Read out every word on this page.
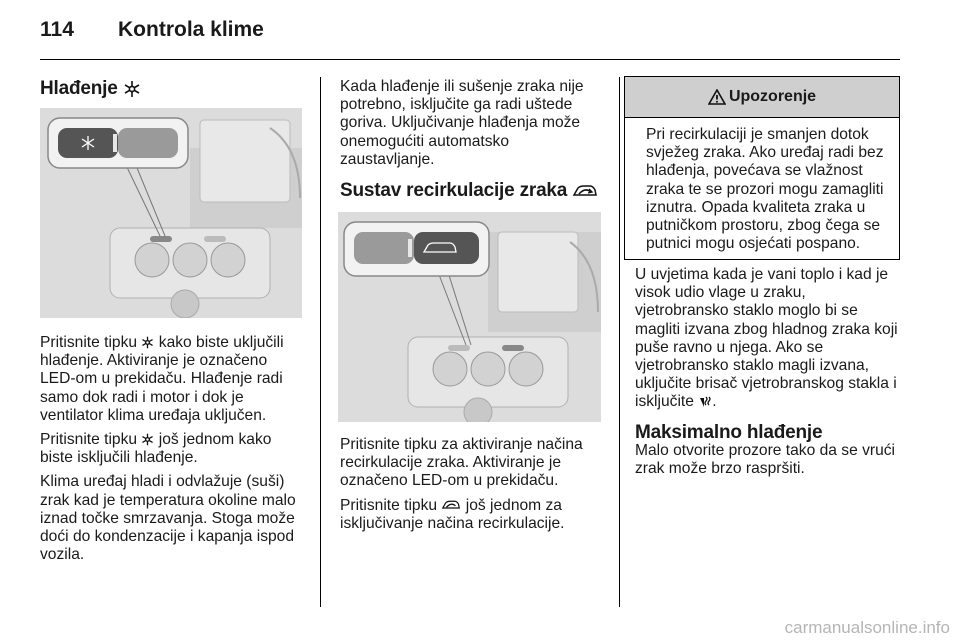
114 Kontrola klime
Hlađenje

Pritisnite tipku kako biste uključili hlađenje. Aktiviranje je označeno LED-om u prekidaču. Hlađenje radi samo dok radi i motor i dok je ventilator klima uređaja uključen.

Pritisnite tipku još jednom kako biste isključili hlađenje.

Klima uređaj hladi i odvlažuje (suši) zrak kad je temperatura okoline malo iznad točke smrzavanja. Stoga može doći do kondenzacije i kapanja ispod vozila.

Kada hlađenje ili sušenje zraka nije potrebno, isključite ga radi uštede goriva. Uključivanje hlađenja može onemogućiti automatsko zaustavljanje.

Sustav recirkulacije zraka

Pritisnite tipku za aktiviranje načina recirkulacije zraka. Aktiviranje je označeno LED-om u prekidaču.

Pritisnite tipku još jednom za isključivanje načina recirkulacije.

Upozorenje
Pri recirkulaciji je smanjen dotok svježeg zraka. Ako uređaj radi bez hlađenja, povećava se vlažnost zraka te se prozori mogu zamagliti iznutra. Opada kvaliteta zraka u putničkom prostoru, zbog čega se putnici mogu osjećati pospano.

U uvjetima kada je vani toplo i kad je visok udio vlage u zraku, vjetrobransko staklo moglo bi se magliti izvana zbog hladnog zraka koji puše ravno u njega. Ako se vjetrobransko staklo magli izvana, uključite brisač vjetrobranskog stakla i isključite .

Maksimalno hlađenje

Malo otvorite prozore tako da se vrući zrak može brzo raspršiti.

carmanualsonline.info
